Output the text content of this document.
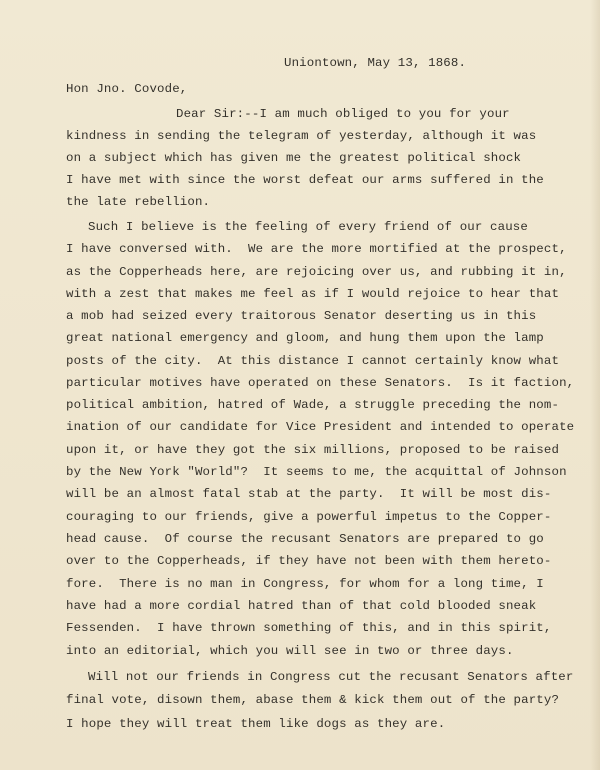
Uniontown, May 13, 1868.
Hon Jno. Covode,
Dear Sir:--I am much obliged to you for your
kindness in sending the telegram of yesterday, although it was
on a subject which has given me the greatest political shock
I have met with since the worst defeat our arms suffered in the
the late rebellion.
Such I believe is the feeling of every friend of our cause
I have conversed with.  We are the more mortified at the prospect,
as the Copperheads here, are rejoicing over us, and rubbing it in,
with a zest that makes me feel as if I would rejoice to hear that
a mob had seized every traitorous Senator deserting us in this
great national emergency and gloom, and hung them upon the lamp
posts of the city.  At this distance I cannot certainly know what
particular motives have operated on these Senators.  Is it faction,
political ambition, hatred of Wade, a struggle preceding the nom-
ination of our candidate for Vice President and intended to operate
upon it, or have they got the six millions, proposed to be raised
by the New York "World"?  It seems to me, the acquittal of Johnson
will be an almost fatal stab at the party.  It will be most dis-
couraging to our friends, give a powerful impetus to the Copper-
head cause.  Of course the recusant Senators are prepared to go
over to the Copperheads, if they have not been with them hereto-
fore.  There is no man in Congress, for whom for a long time, I
have had a more cordial hatred than of that cold blooded sneak
Fessenden.  I have thrown something of this, and in this spirit,
into an editorial, which you will see in two or three days.
Will not our friends in Congress cut the recusant Senators after
final vote, disown them, abase them & kick them out of the party?
I hope they will treat them like dogs as they are.
